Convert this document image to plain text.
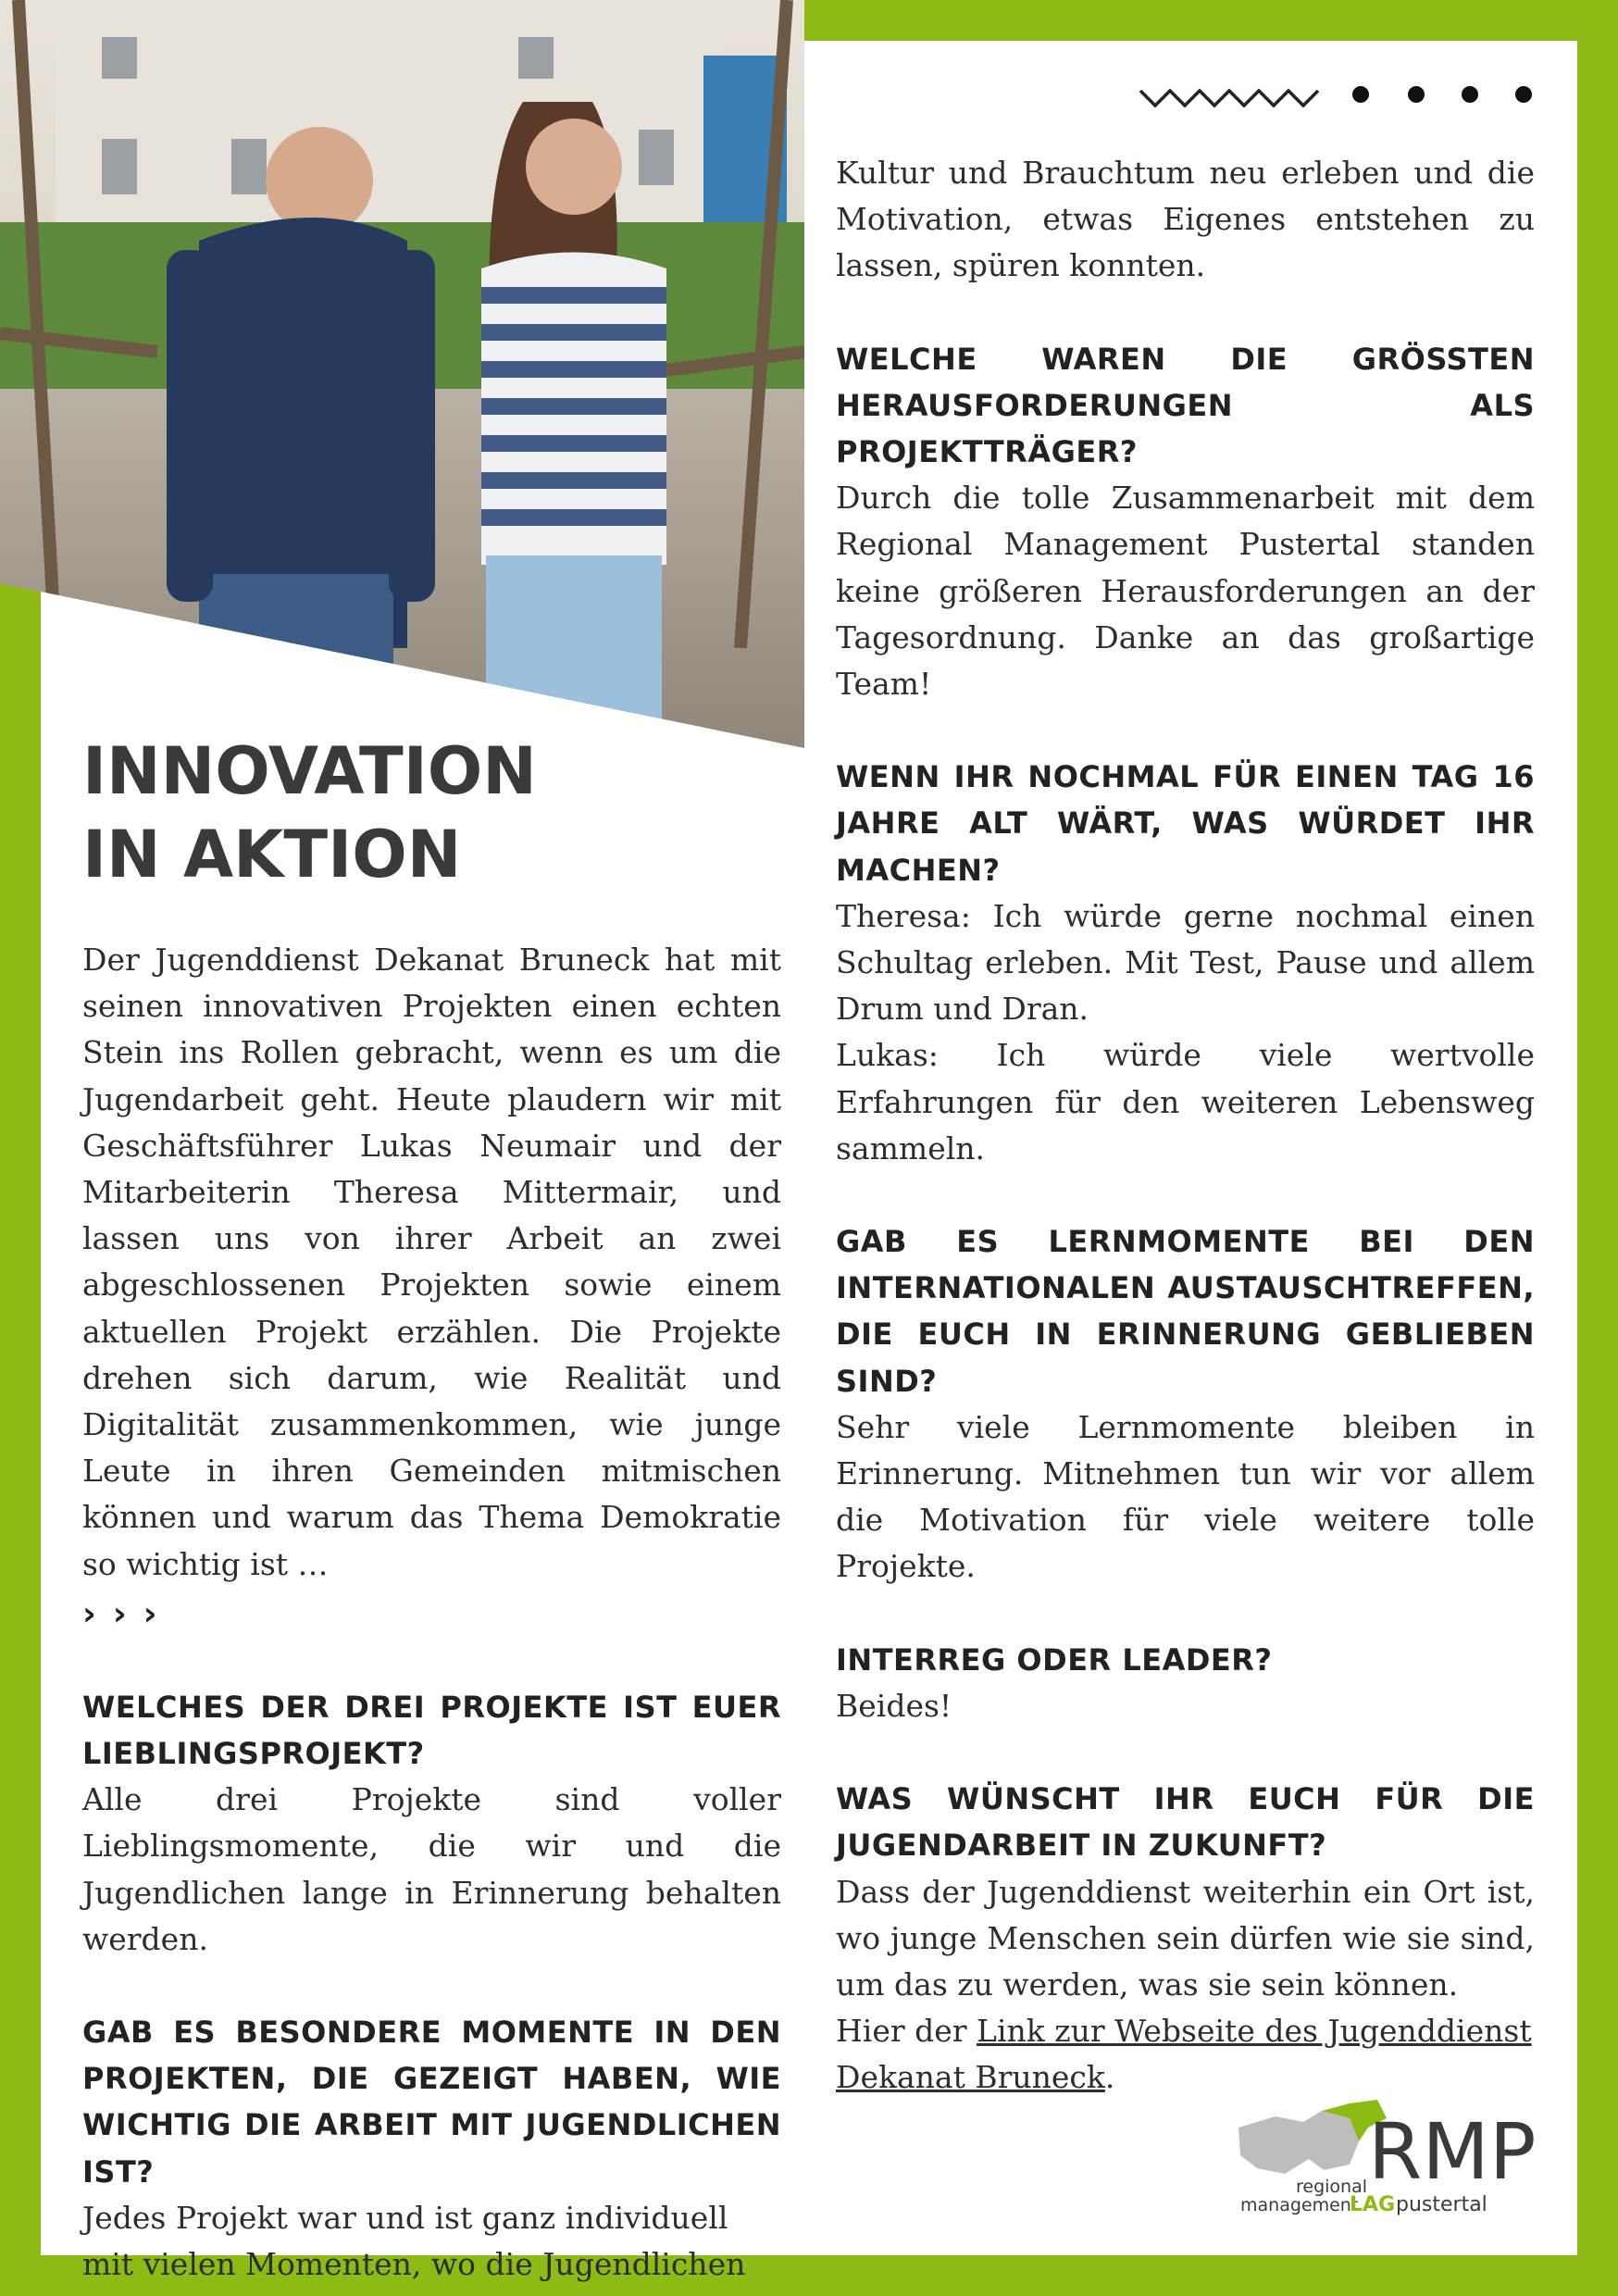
INNOVATION
IN AKTION

Der Jugenddienst Dekanat Bruneck hat mit seinen innovativen Projekten einen echten Stein ins Rollen gebracht, wenn es um die Jugendarbeit geht. Heute plaudern wir mit Geschäftsführer Lukas Neumair und der Mitarbeiterin Theresa Mittermair, und lassen uns von ihrer Arbeit an zwei abgeschlossenen Projekten sowie einem aktuellen Projekt erzählen. Die Projekte drehen sich darum, wie Realität und Digitalität zusammenkommen, wie junge Leute in ihren Gemeinden mitmischen können und warum das Thema Demokratie so wichtig ist …

› › ›

WELCHES DER DREI PROJEKTE IST EUER LIEBLINGSPROJEKT?

Alle drei Projekte sind voller Lieblingsmomente, die wir und die Jugendlichen lange in Erinnerung behalten werden.

GAB ES BESONDERE MOMENTE IN DEN PROJEKTEN, DIE GEZEIGT HABEN, WIE WICHTIG DIE ARBEIT MIT JUGENDLICHEN IST?

Jedes Projekt war und ist ganz individuell mit vielen Momenten, wo die Jugendlichen

Kultur und Brauchtum neu erleben und die Motivation, etwas Eigenes entstehen zu lassen, spüren konnten.

WELCHE WAREN DIE GRÖSSTEN HERAUSFORDERUNGEN ALS PROJEKTTRÄGER?

Durch die tolle Zusammenarbeit mit dem Regional Management Pustertal standen keine größeren Herausforderungen an der Tagesordnung. Danke an das großartige Team!

WENN IHR NOCHMAL FÜR EINEN TAG 16 JAHRE ALT WÄRT, WAS WÜRDET IHR MACHEN?

Theresa: Ich würde gerne nochmal einen Schultag erleben. Mit Test, Pause und allem Drum und Dran.

Lukas: Ich würde viele wertvolle Erfahrungen für den weiteren Lebensweg sammeln.

GAB ES LERNMOMENTE BEI DEN INTERNATIONALEN AUSTAUSCHTREFFEN, DIE EUCH IN ERINNERUNG GEBLIEBEN SIND?

Sehr viele Lernmomente bleiben in Erinnerung. Mitnehmen tun wir vor allem die Motivation für viele weitere tolle Projekte.

INTERREG ODER LEADER?

Beides!

WAS WÜNSCHT IHR EUCH FÜR DIE JUGENDARBEIT IN ZUKUNFT?

Dass der Jugenddienst weiterhin ein Ort ist, wo junge Menschen sein dürfen wie sie sind, um das zu werden, was sie sein können.

Hier der Link zur Webseite des Jugenddienst Dekanat Bruneck.

RMP
regional
management
LAG pustertal
